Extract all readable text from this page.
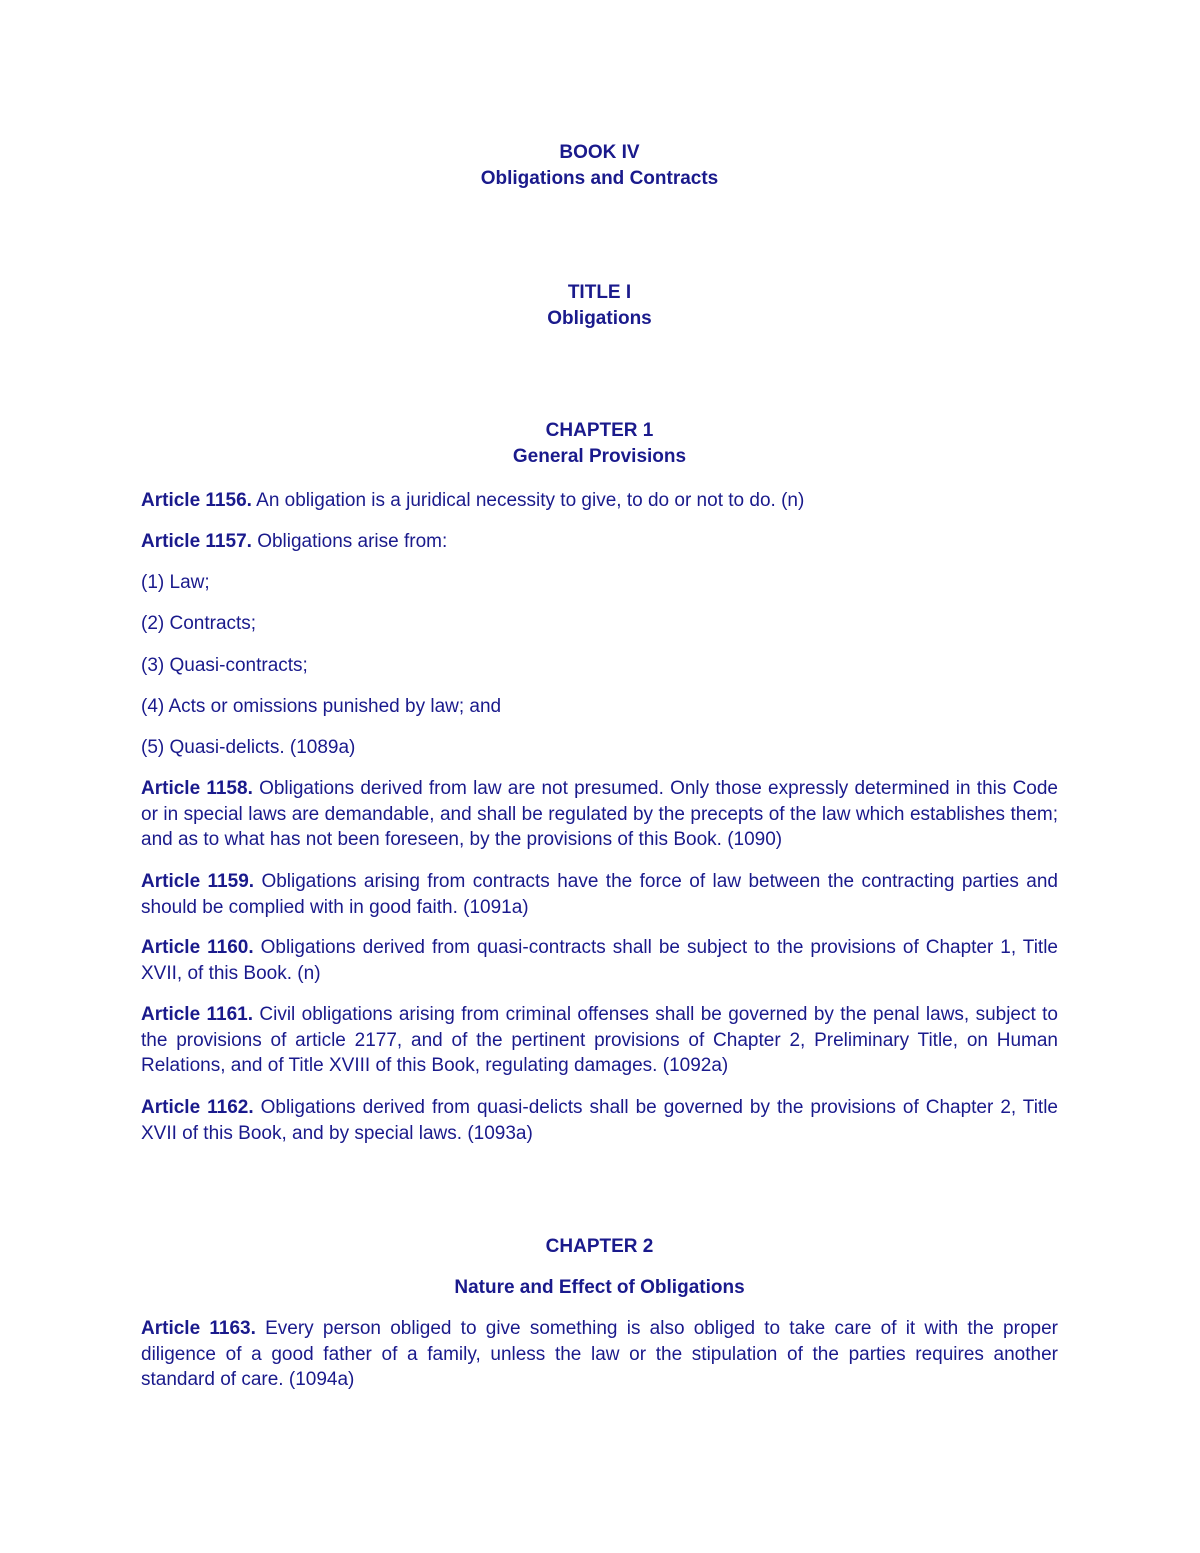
BOOK IV

Obligations and Contracts

TITLE I

Obligations

CHAPTER 1

General Provisions

Article 1156. An obligation is a juridical necessity to give, to do or not to do. (n)

Article 1157. Obligations arise from:

(1) Law;

(2) Contracts;

(3) Quasi-contracts;

(4) Acts or omissions punished by law; and

(5) Quasi-delicts. (1089a)

Article 1158. Obligations derived from law are not presumed. Only those expressly determined in this Code or in special laws are demandable, and shall be regulated by the precepts of the law which establishes them; and as to what has not been foreseen, by the provisions of this Book. (1090)

Article 1159. Obligations arising from contracts have the force of law between the contracting parties and should be complied with in good faith. (1091a)

Article 1160. Obligations derived from quasi-contracts shall be subject to the provisions of Chapter 1, Title XVII, of this Book. (n)

Article 1161. Civil obligations arising from criminal offenses shall be governed by the penal laws, subject to the provisions of article 2177, and of the pertinent provisions of Chapter 2, Preliminary Title, on Human Relations, and of Title XVIII of this Book, regulating damages. (1092a)

Article 1162. Obligations derived from quasi-delicts shall be governed by the provisions of Chapter 2, Title XVII of this Book, and by special laws. (1093a)

CHAPTER 2

Nature and Effect of Obligations

Article 1163. Every person obliged to give something is also obliged to take care of it with the proper diligence of a good father of a family, unless the law or the stipulation of the parties requires another standard of care. (1094a)
